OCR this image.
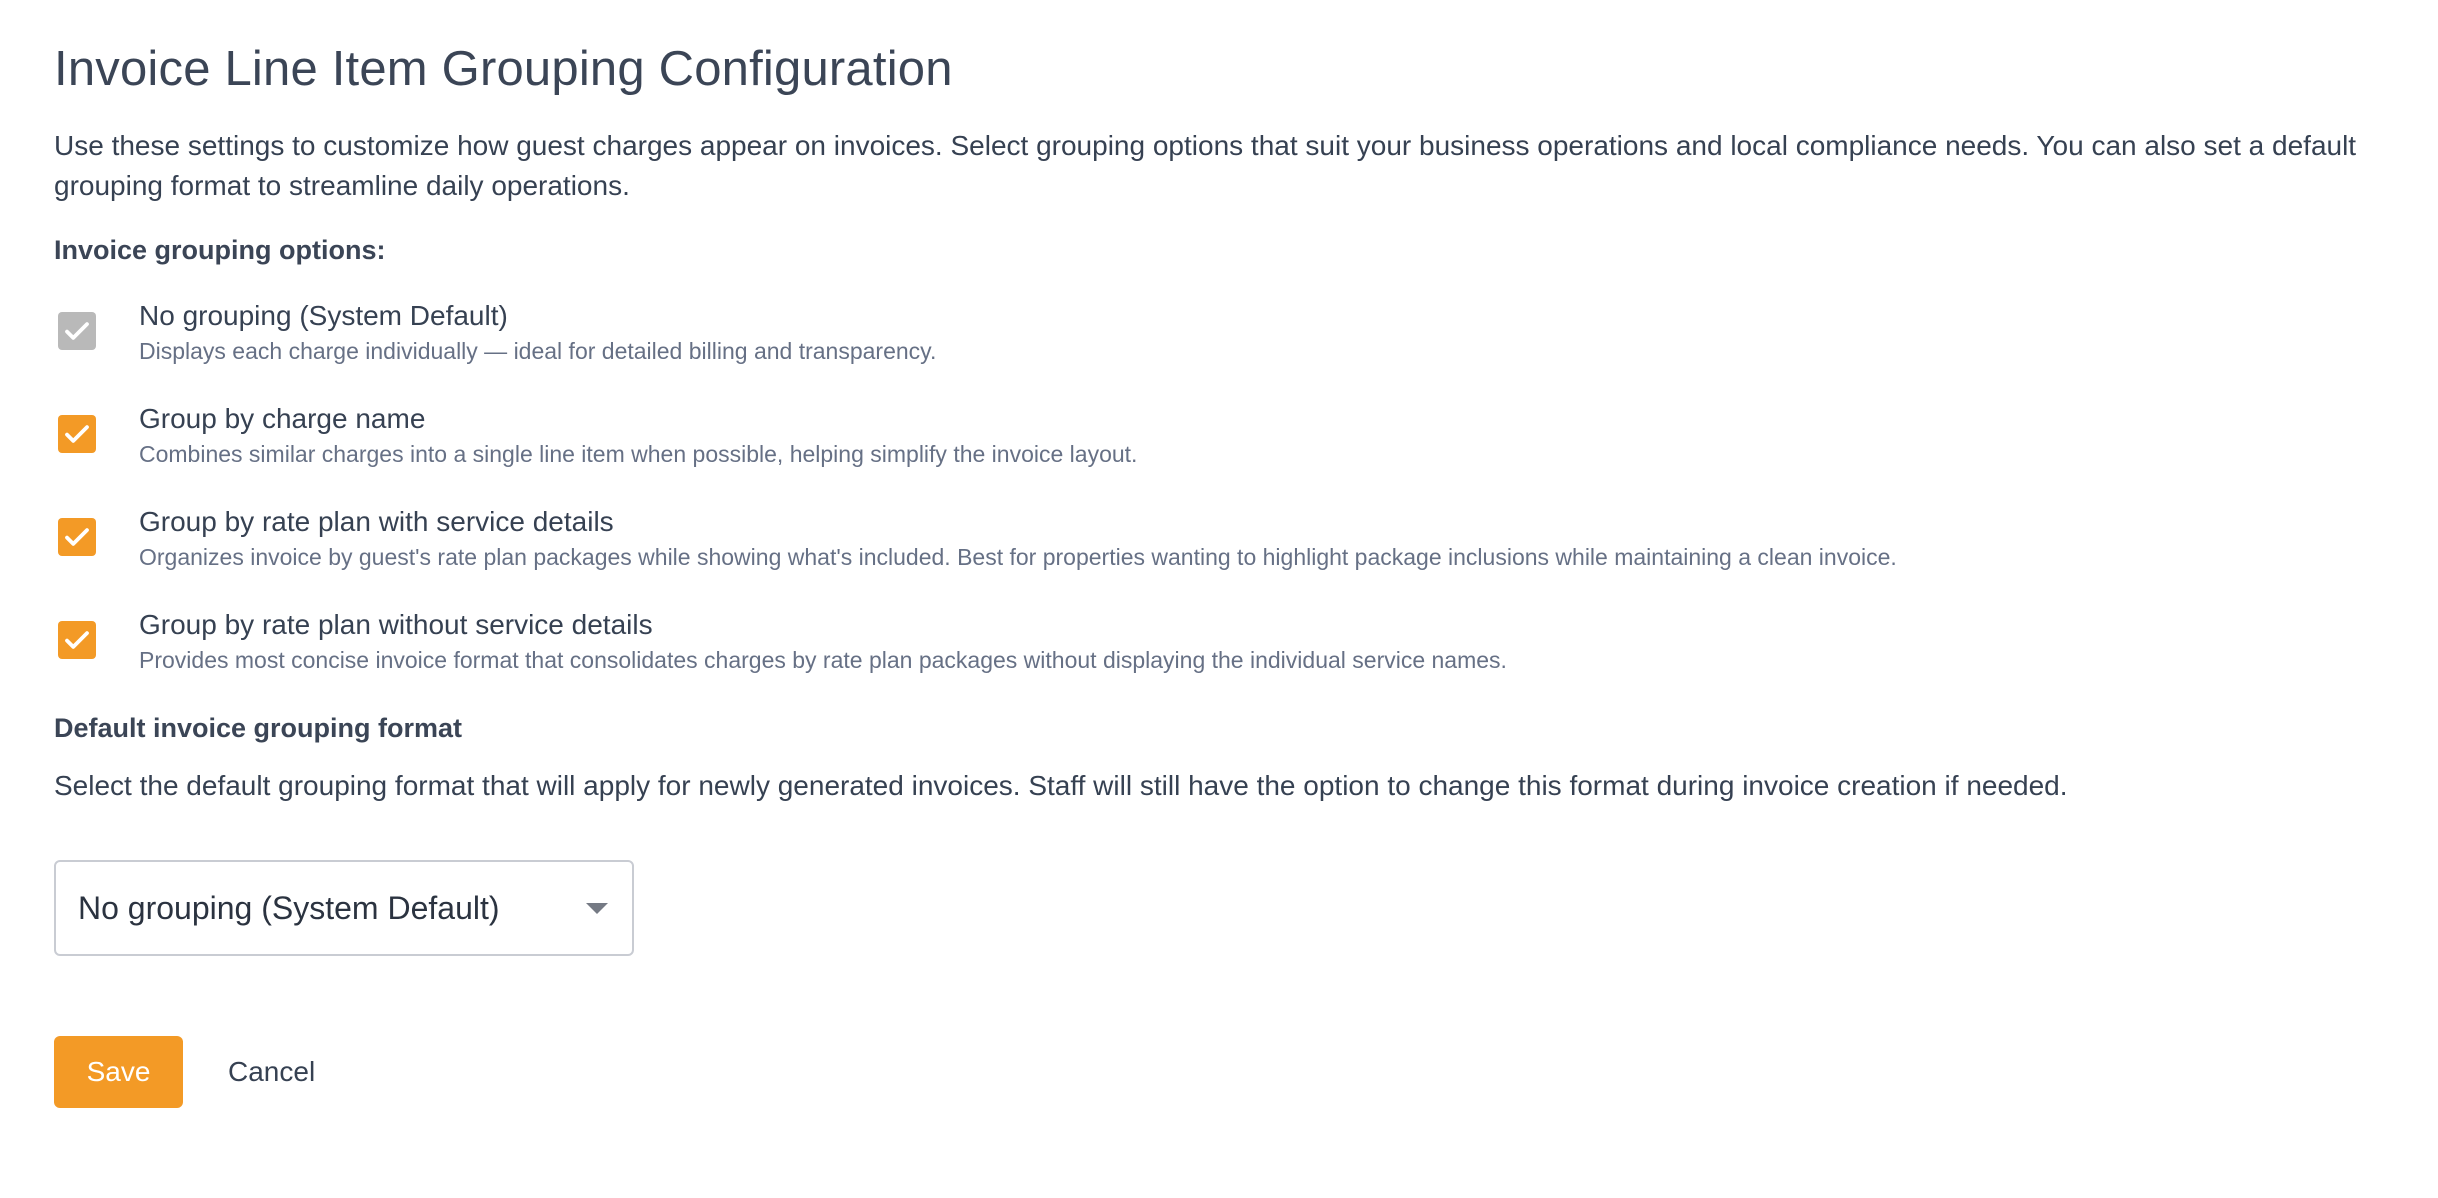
Invoice Line Item Grouping Configuration

Use these settings to customize how guest charges appear on invoices. Select grouping options that suit your business operations and local compliance needs. You can also set a default grouping format to streamline daily operations.

Invoice grouping options:
No grouping (System Default)
Displays each charge individually — ideal for detailed billing and transparency.
Group by charge name
Combines similar charges into a single line item when possible, helping simplify the invoice layout.
Group by rate plan with service details
Organizes invoice by guest's rate plan packages while showing what's included. Best for properties wanting to highlight package inclusions while maintaining a clean invoice.
Group by rate plan without service details
Provides most concise invoice format that consolidates charges by rate plan packages without displaying the individual service names.
Default invoice grouping format

Select the default grouping format that will apply for newly generated invoices. Staff will still have the option to change this format during invoice creation if needed.

No grouping (System Default)
Save	Cancel
